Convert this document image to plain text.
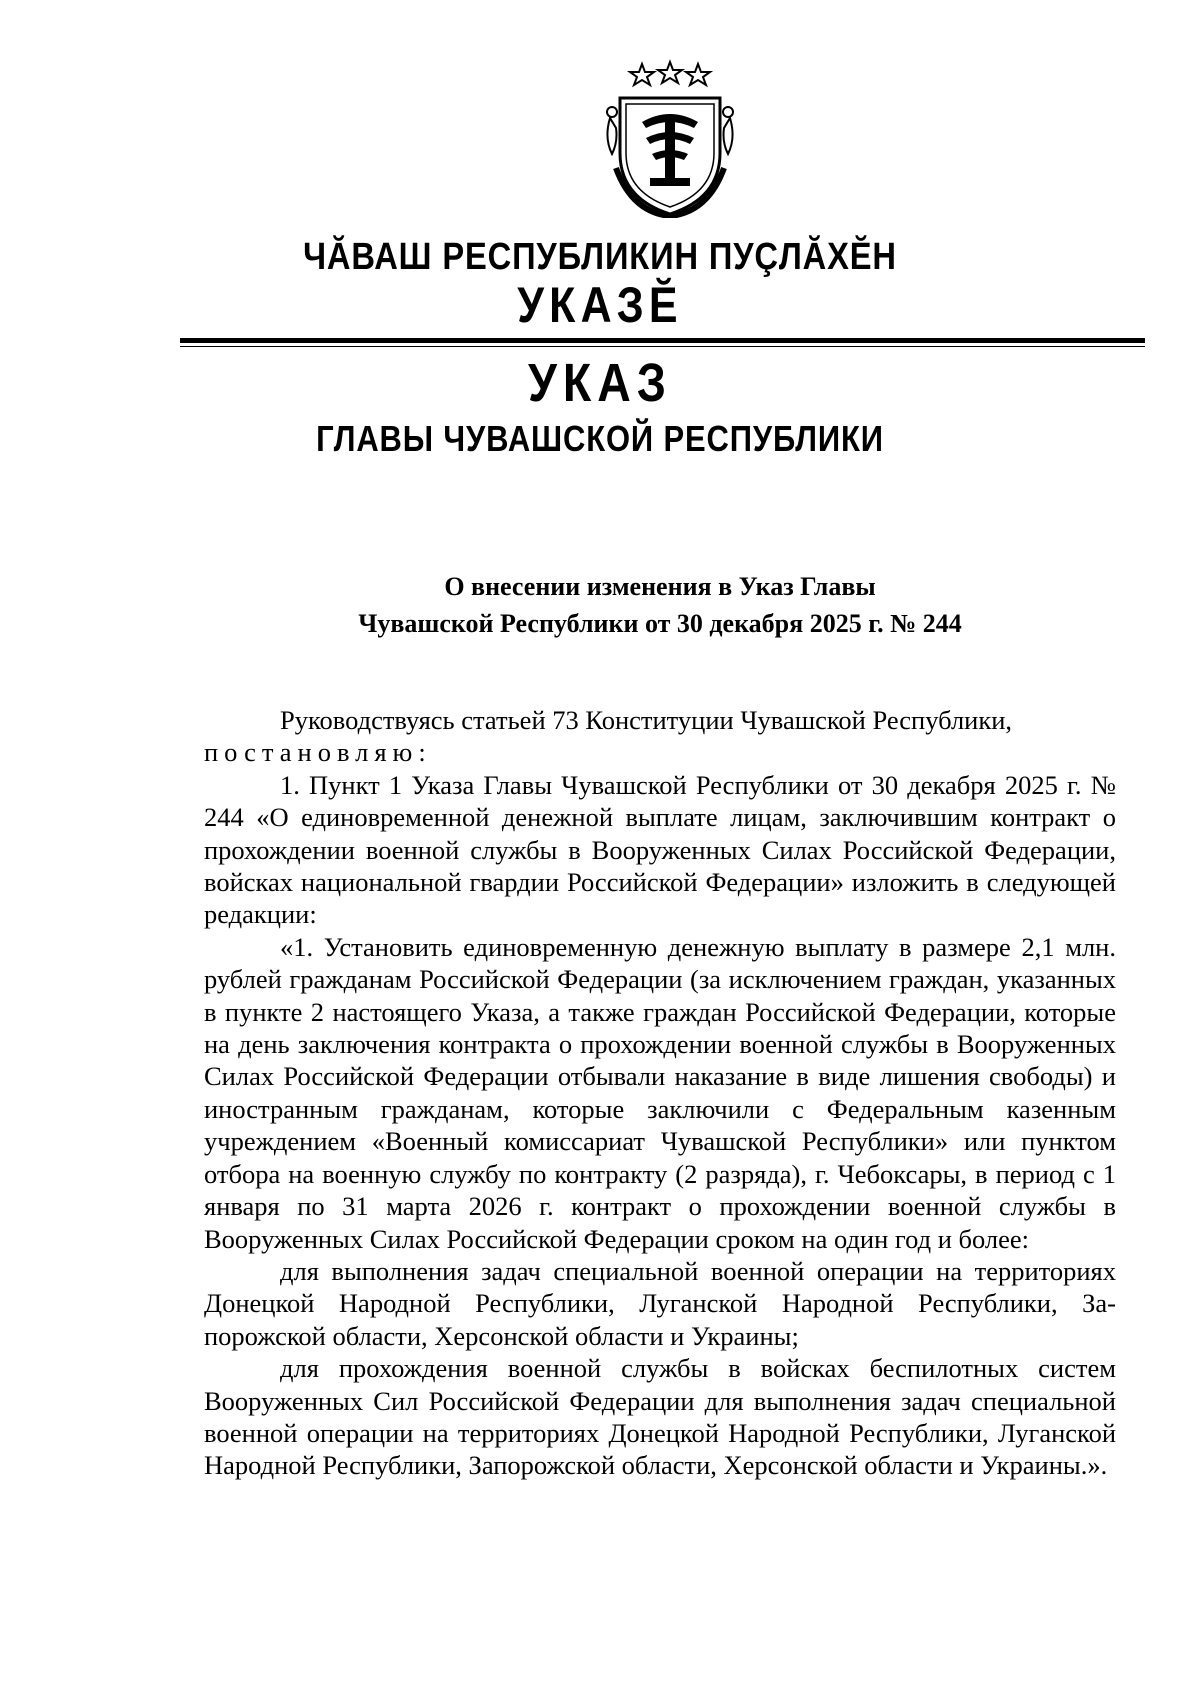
ЧĂВАШ РЕСПУБЛИКИН ПУÇЛĂХĔН
УКАЗĔ
УКАЗ
ГЛАВЫ ЧУВАШСКОЙ РЕСПУБЛИКИ
О внесении изменения в Указ Главы
Чувашской Республики от 30 декабря 2025 г. № 244

Руководствуясь статьей 73 Конституции Чувашской Республики,
постановляю:

1. Пункт 1 Указа Главы Чувашской Республики от 30 декабря 2025 г. № 244 «О единовременной денежной выплате лицам, заключившим контракт о прохождении военной службы в Вооруженных Силах Российской Федерации, войсках национальной гвардии Российской Федерации» изложить в следующей редакции:

«1. Установить единовременную денежную выплату в размере 2,1 млн. рублей гражданам Российской Федерации (за исключением граждан, указанных в пункте 2 настоящего Указа, а также граждан Российской Федерации, которые на день заключения контракта о прохождении военной службы в Вооруженных Силах Российской Федерации отбывали наказание в виде лишения свободы) и иностранным гражданам, которые заключили с Федеральным казенным учреждением «Военный комиссариат Чувашской Республики» или пунктом отбора на военную службу по контракту (2 разряда), г. Чебоксары, в период с 1 января по 31 марта 2026 г. контракт о прохождении военной службы в Вооруженных Силах Российской Федерации сроком на один год и более:

для выполнения задач специальной военной операции на территориях Донецкой Народной Республики, Луганской Народной Республики, Запорожской области, Херсонской области и Украины;

для прохождения военной службы в войсках беспилотных систем Вооруженных Сил Российской Федерации для выполнения задач специальной военной операции на территориях Донецкой Народной Республики, Луганской Народной Республики, Запорожской области, Херсонской области и Украины.».
